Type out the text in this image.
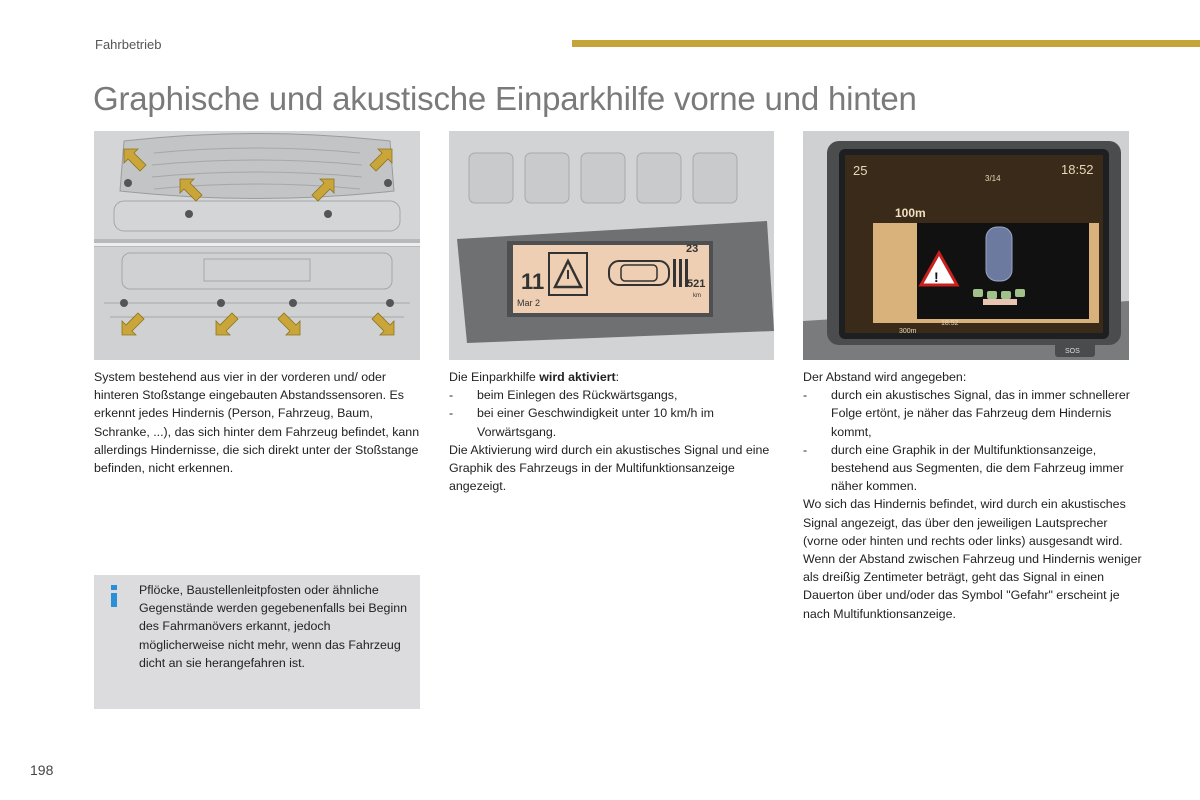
Fahrbetrieb
Graphische und akustische Einparkhilfe vorne und hinten
11
Mar 2
23
521
km
25
3/14
18:52
100m
!
300m
18:52
SOS

System bestehend aus vier in der vorderen und/ oder hinteren Stoßstange eingebauten Abstandssensoren. Es erkennt jedes Hindernis (Person, Fahrzeug, Baum, Schranke, ...), das sich hinter dem Fahrzeug befindet, kann allerdings Hindernisse, die sich direkt unter der Stoßstange befinden, nicht erkennen.

Die Einparkhilfe wird aktiviert:

- beim Einlegen des Rückwärtsgangs,

- bei einer Geschwindigkeit unter 10 km/h im Vorwärtsgang.

Die Aktivierung wird durch ein akustisches Signal und eine Graphik des Fahrzeugs in der Multifunktionsanzeige angezeigt.

Der Abstand wird angegeben:

- durch ein akustisches Signal, das in immer schnellerer Folge ertönt, je näher das Fahrzeug dem Hindernis kommt,

- durch eine Graphik in der Multifunktionsanzeige, bestehend aus Segmenten, die dem Fahrzeug immer näher kommen.

Wo sich das Hindernis befindet, wird durch ein akustisches Signal angezeigt, das über den jeweiligen Lautsprecher (vorne oder hinten und rechts oder links) ausgesandt wird.

Wenn der Abstand zwischen Fahrzeug und Hindernis weniger als dreißig Zentimeter beträgt, geht das Signal in einen Dauerton über und/oder das Symbol "Gefahr" erscheint je nach Multifunktionsanzeige.

Pflöcke, Baustellenleitpfosten oder ähnliche Gegenstände werden gegebenenfalls bei Beginn des Fahrmanövers erkannt, jedoch möglicherweise nicht mehr, wenn das Fahrzeug dicht an sie herangefahren ist.

198
